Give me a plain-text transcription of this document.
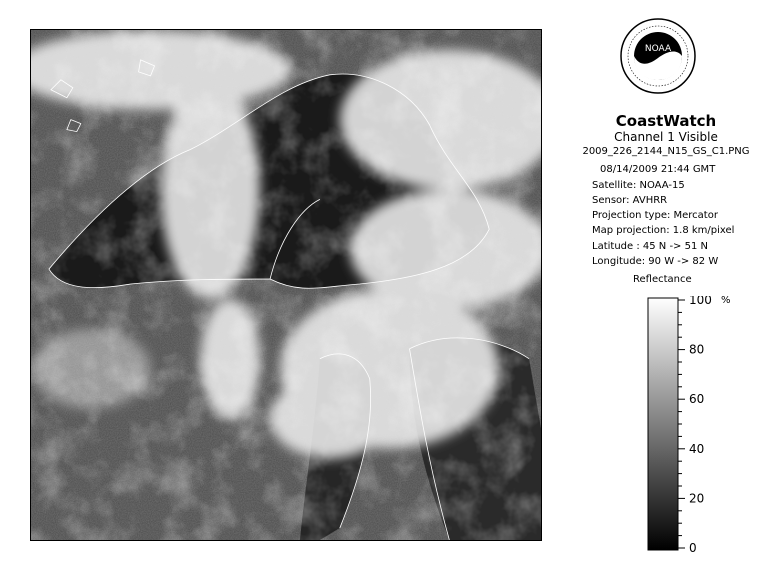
NOAA
CoastWatch
Channel 1 Visible
2009_226_2144_N15_GS_C1.PNG
08/14/2009 21:44 GMT
Satellite: NOAA-15
Sensor: AVHRR
Projection type: Mercator
Map projection: 1.8 km/pixel
Latitude : 45 N -> 51 N
Longitude: 90 W -> 82 W
Reflectance
100
80
60
40
20
0
%
